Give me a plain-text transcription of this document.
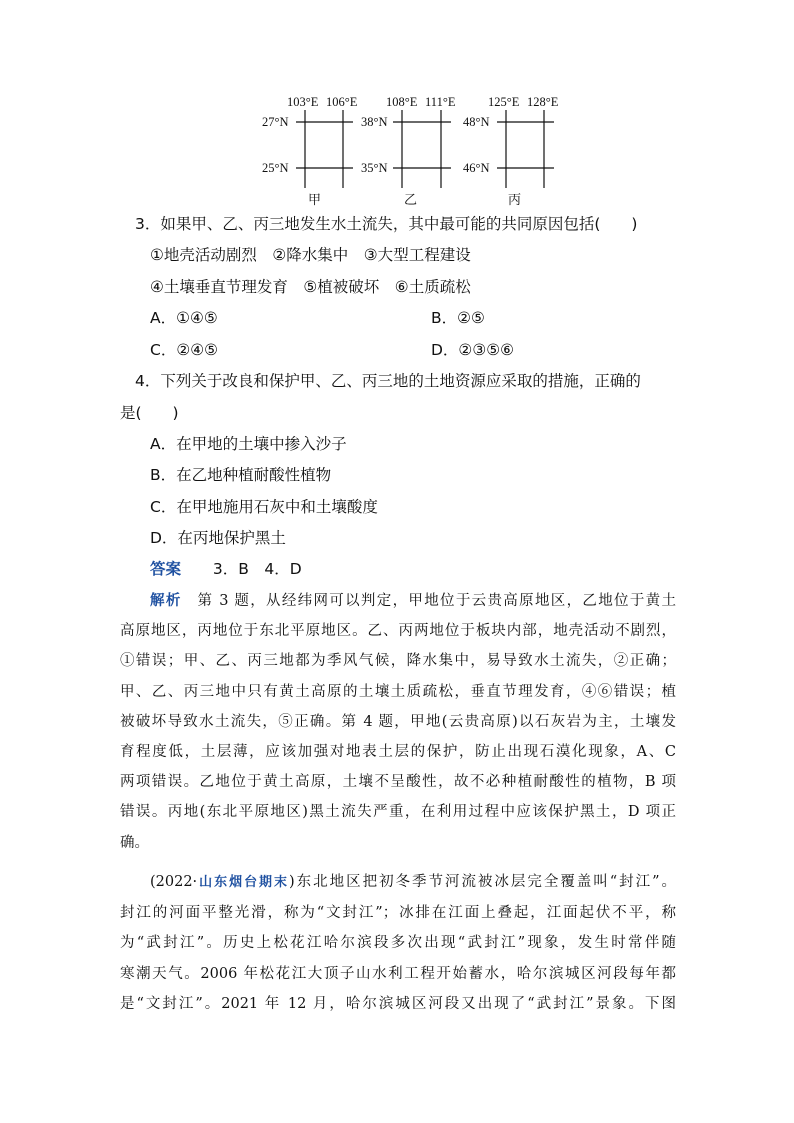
103°E 106°E
27°N
25°N
甲
108°E 111°E
38°N
35°N
乙
125°E 128°E
48°N
46°N
丙
3．如果甲、乙、丙三地发生水土流失，其中最可能的共同原因包括(　　)
①地壳活动剧烈　②降水集中　③大型工程建设
④土壤垂直节理发育　⑤植被破坏　⑥土质疏松
A．①④⑤	B．②⑤
C．②④⑤	D．②③⑤⑥
4．下列关于改良和保护甲、乙、丙三地的土地资源应采取的措施，正确的
是(　　)
A．在甲地的土壤中掺入沙子
B．在乙地种植耐酸性植物
C．在甲地施用石灰中和土壤酸度
D．在丙地保护黑土
答案 3．B　4．D
解析　 第 3 题，从经纬网可以判定，甲地位于云贵高原地区，乙地位于黄土
高原地区，丙地位于东北平原地区。乙、丙两地位于板块内部，地壳活动不剧烈，
①错误；甲、乙、丙三地都为季风气候，降水集中，易导致水土流失，②正确；
甲、乙、丙三地中只有黄土高原的土壤土质疏松，垂直节理发育，④⑥错误；植
被破坏导致水土流失，⑤正确。第 4 题，甲地(云贵高原)以石灰岩为主，土壤发
育程度低，土层薄，应该加强对地表土层的保护，防止出现石漠化现象，A、C
两项错误。乙地位于黄土高原，土壤不呈酸性，故不必种植耐酸性的植物，B 项
错误。丙地(东北平原地区)黑土流失严重，在利用过程中应该保护黑土，D 项正
确。
(2022·山东烟台期末)东北地区把初冬季节河流被冰层完全覆盖叫“封江”。
封江的河面平整光滑，称为“文封江”；冰排在江面上叠起，江面起伏不平，称
为“武封江”。历史上松花江哈尔滨段多次出现“武封江”现象，发生时常伴随
寒潮天气。2006 年松花江大顶子山水利工程开始蓄水，哈尔滨城区河段每年都
是“文封江”。2021 年 12 月，哈尔滨城区河段又出现了“武封江”景象。下图
